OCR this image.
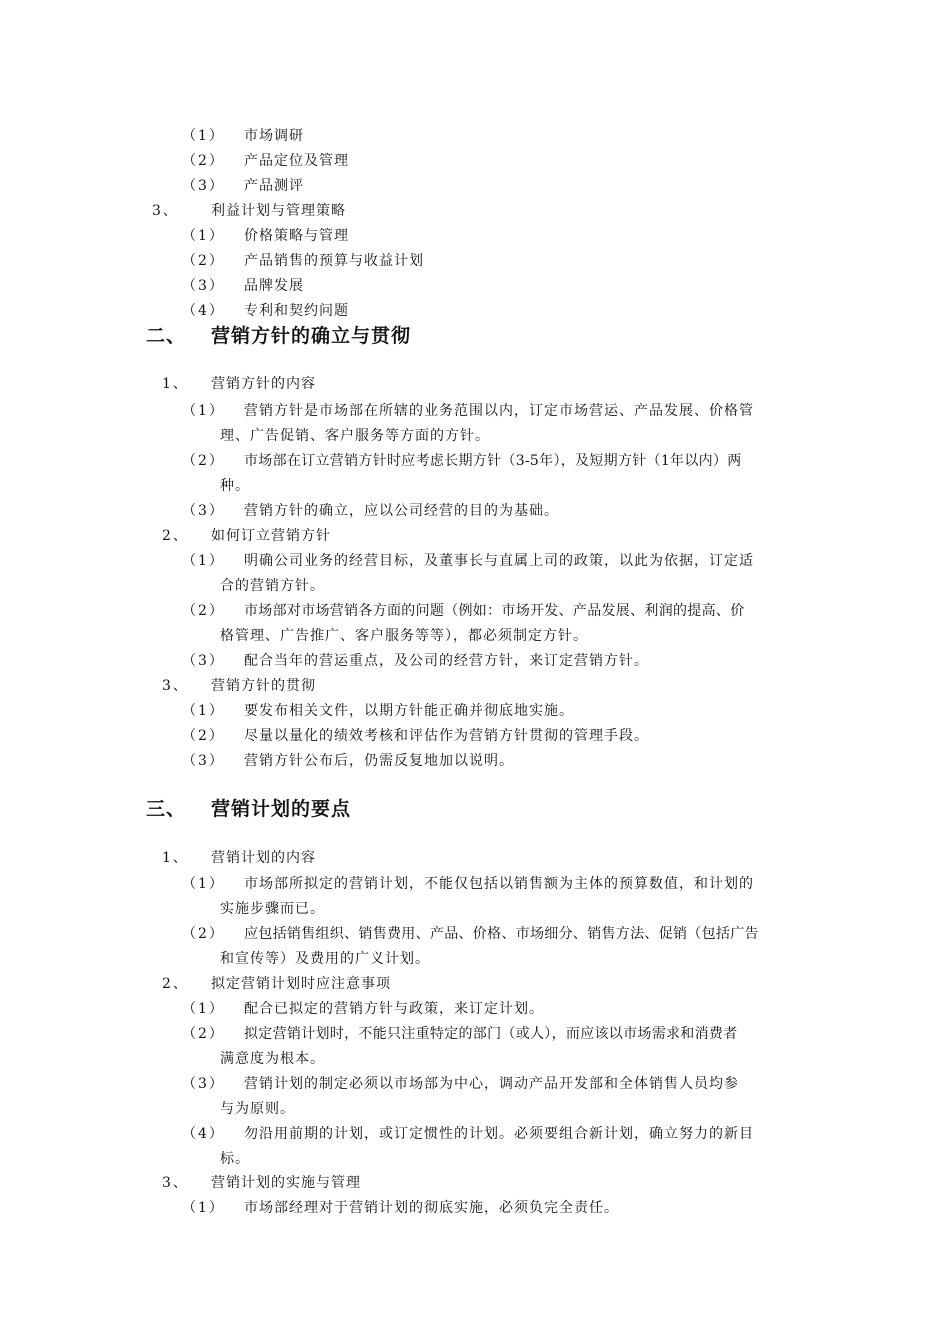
（1） 市场调研
（2） 产品定位及管理
（3） 产品测评
3、 利益计划与管理策略
（1） 价格策略与管理
（2） 产品销售的预算与收益计划
（3） 品牌发展
（4） 专利和契约问题
二、 营销方针的确立与贯彻
1、 营销方针的内容
（1） 营销方针是市场部在所辖的业务范围以内，订定市场营运、产品发展、价格管
理、广告促销、客户服务等方面的方针。
（2） 市场部在订立营销方针时应考虑长期方针（3-5年），及短期方针（1年以内）两
种。
（3） 营销方针的确立，应以公司经营的目的为基础。
2、 如何订立营销方针
（1） 明确公司业务的经营目标，及董事长与直属上司的政策，以此为依据，订定适
合的营销方针。
（2） 市场部对市场营销各方面的问题（例如：市场开发、产品发展、利润的提高、价
格管理、广告推广、客户服务等等），都必须制定方针。
（3） 配合当年的营运重点，及公司的经营方针，来订定营销方针。
3、 营销方针的贯彻
（1） 要发布相关文件，以期方针能正确并彻底地实施。
（2） 尽量以量化的绩效考核和评估作为营销方针贯彻的管理手段。
（3） 营销方针公布后，仍需反复地加以说明。
三、 营销计划的要点
1、 营销计划的内容
（1） 市场部所拟定的营销计划，不能仅包括以销售额为主体的预算数值，和计划的
实施步骤而已。
（2） 应包括销售组织、销售费用、产品、价格、市场细分、销售方法、促销（包括广告
和宣传等）及费用的广义计划。
2、 拟定营销计划时应注意事项
（1） 配合已拟定的营销方针与政策，来订定计划。
（2） 拟定营销计划时，不能只注重特定的部门（或人），而应该以市场需求和消费者
满意度为根本。
（3） 营销计划的制定必须以市场部为中心，调动产品开发部和全体销售人员均参
与为原则。
（4） 勿沿用前期的计划，或订定惯性的计划。必须要组合新计划，确立努力的新目
标。
3、 营销计划的实施与管理
（1） 市场部经理对于营销计划的彻底实施，必须负完全责任。
